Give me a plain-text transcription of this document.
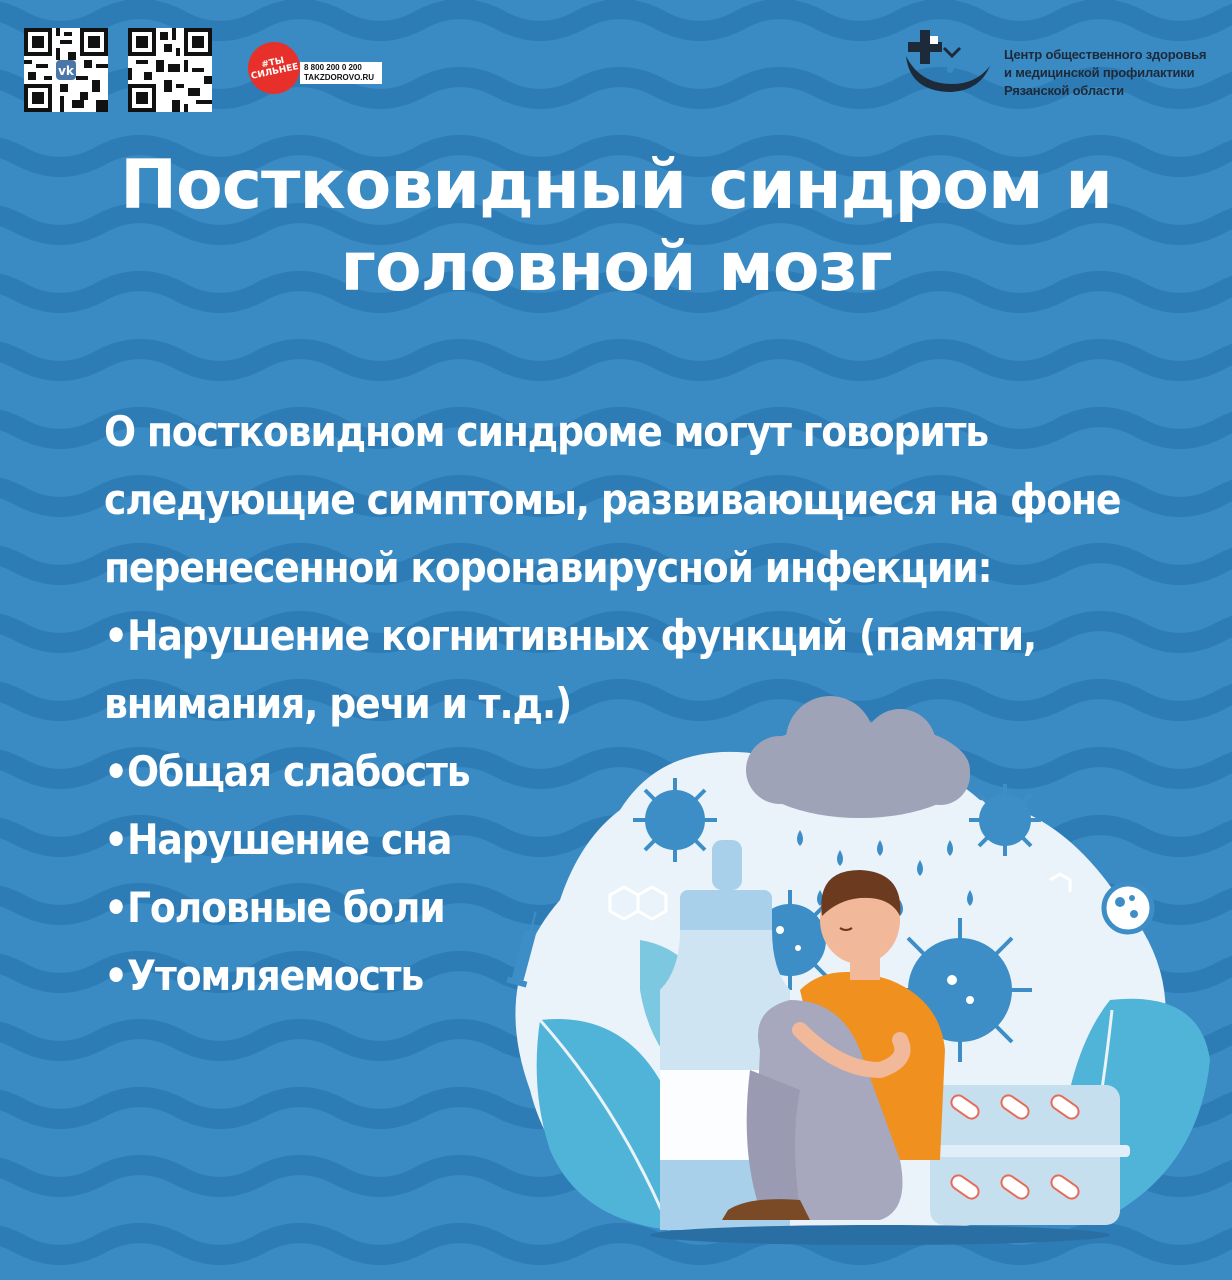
vk
#ТЫ СИЛЬНЕЕ 8 800 200 0 200
TAKZDOROVO.RU
Центр общественного здоровья
и медицинской профилактики
Рязанской области
Постковидный синдром и
головной мозг
О постковидном синдроме могут говорить
следующие симптомы, развивающиеся на фоне
перенесенной коронавирусной инфекции:
•Нарушение когнитивных функций (памяти,
внимания, речи и т.д.)
•Общая слабость
•Нарушение сна
•Головные боли
•Утомляемость
